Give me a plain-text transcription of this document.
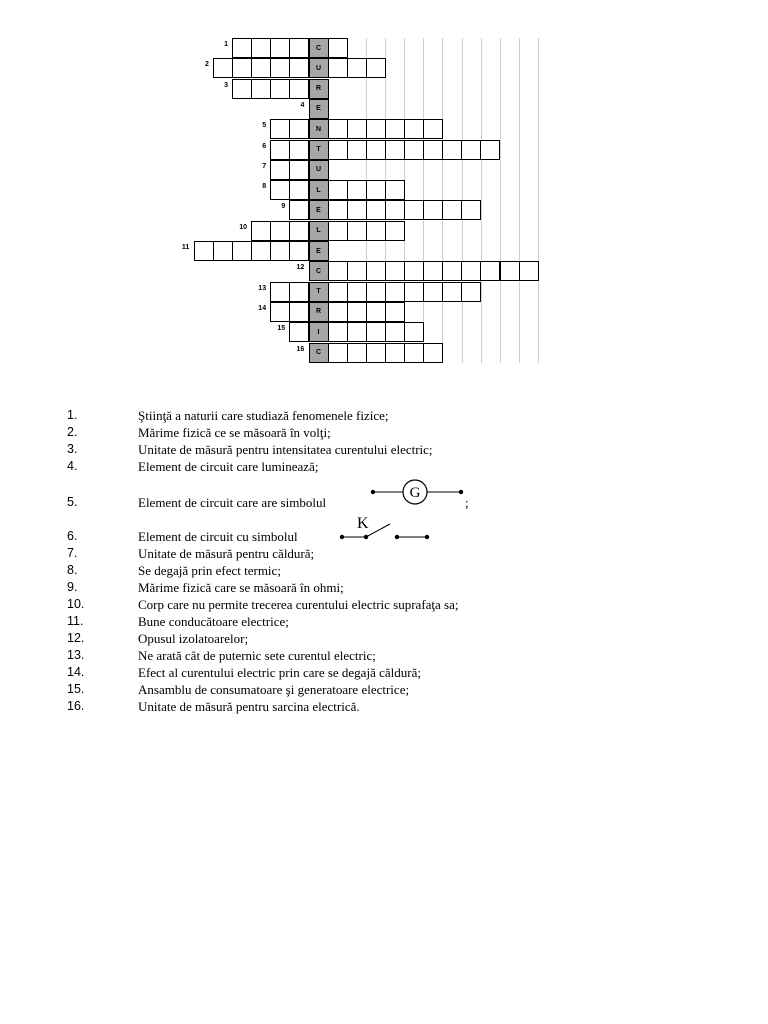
C
1
U
2
R
3
E
4
N
5
T
6
U
7
L
8
E
9
L
10
E
11
C
12
T
13
R
14
I
15
C
16
1.	Ştiinţă a naturii care studiază fenomenele fizice;
2.	Mărime fizică ce se măsoară în volţi;
3.	Unitate de măsură pentru intensitatea curentului electric;
4.	Element de circuit care luminează;
5.	Element de circuit care are simbolul	;
G
6.	Element de circuit cu simbolul
K
7.	Unitate de măsură pentru căldură;
8.	Se degajă prin efect termic;
9.	Mărime fizică care se măsoară în ohmi;
10.	Corp care nu permite trecerea curentului electric suprafaţa sa;
11.	Bune conducătoare electrice;
12.	Opusul izolatoarelor;
13.	Ne arată cât de puternic sete curentul electric;
14.	Efect al curentului electric prin care se degajă căldură;
15.	Ansamblu de consumatoare şi generatoare electrice;
16.	Unitate de măsură pentru sarcina electrică.
